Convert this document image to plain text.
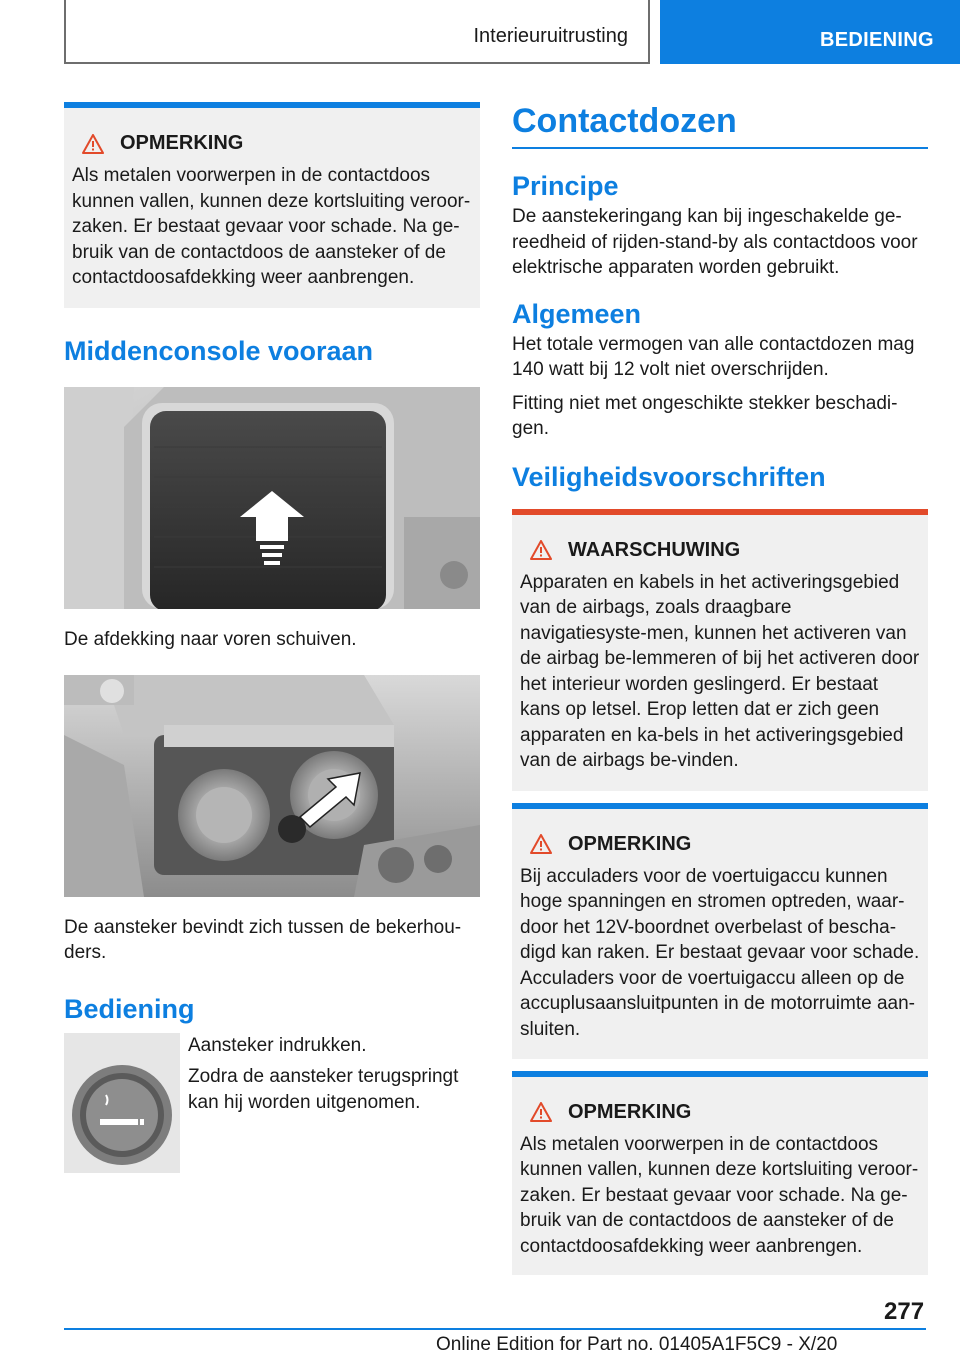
Interieuruitrusting	BEDIENING
OPMERKING
Als metalen voorwerpen in de contactdoos kunnen vallen, kunnen deze kortsluiting veroor-zaken. Er bestaat gevaar voor schade. Na ge-bruik van de contactdoos de aansteker of de contactdoosafdekking weer aanbrengen.
Middenconsole vooraan
De afdekking naar voren schuiven.
De aansteker bevindt zich tussen de bekerhou-ders.
Bediening
Aansteker indrukken.
Zodra de aansteker terugspringt kan hij worden uitgenomen.
Contactdozen
Principe
De aanstekeringang kan bij ingeschakelde ge-reedheid of rijden-stand-by als contactdoos voor elektrische apparaten worden gebruikt.
Algemeen
Het totale vermogen van alle contactdozen mag 140 watt bij 12 volt niet overschrijden.
Fitting niet met ongeschikte stekker beschadi-gen.
Veiligheidsvoorschriften
WAARSCHUWING
Apparaten en kabels in het activeringsgebied van de airbags, zoals draagbare navigatiesyste-men, kunnen het activeren van de airbag be-lemmeren of bij het activeren door het interieur worden geslingerd. Er bestaat kans op letsel. Erop letten dat er zich geen apparaten en ka-bels in het activeringsgebied van de airbags be-vinden.
OPMERKING
Bij acculaders voor de voertuigaccu kunnen hoge spanningen en stromen optreden, waar-door het 12V-boordnet overbelast of bescha-digd kan raken. Er bestaat gevaar voor schade. Acculaders voor de voertuigaccu alleen op de accuplusaansluitpunten in de motorruimte aan-sluiten.
OPMERKING
Als metalen voorwerpen in de contactdoos kunnen vallen, kunnen deze kortsluiting veroor-zaken. Er bestaat gevaar voor schade. Na ge-bruik van de contactdoos de aansteker of de contactdoosafdekking weer aanbrengen.
277
Online Edition for Part no. 01405A1F5C9 - X/20
